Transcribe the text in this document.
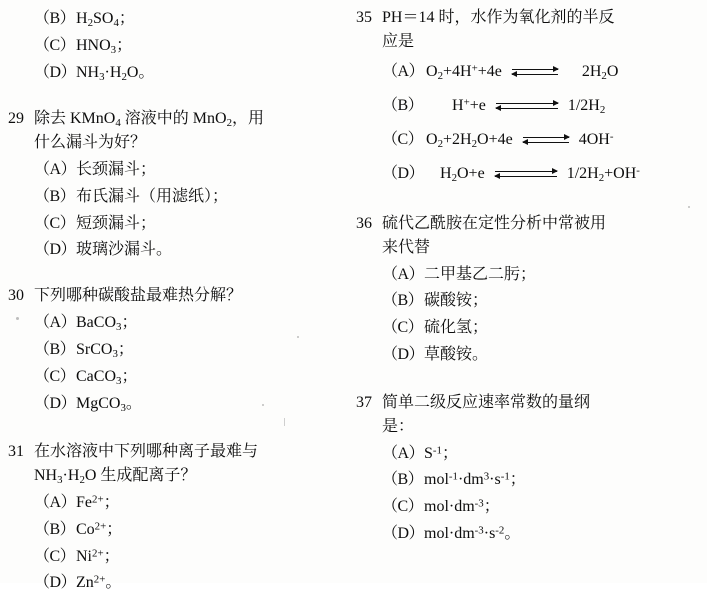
（B） $H_2SO_4$；
（C） $HNO_3$；
（D） $NH_3\cdot H_2O$。
29 除去 KMnO$_4$ 溶液中的 MnO$_2$，用
什么漏斗为好？
（A） 长颈漏斗；
（B） 布氏漏斗（用滤纸）；
（C） 短颈漏斗；
（D） 玻璃沙漏斗。
30 下列哪种碳酸盐最难热分解？
（A） BaCO$_3$；
（B） SrCO$_3$；
（C） CaCO$_3$；
（D） MgCO$_3$。
31 在水溶液中下列哪种离子最难与
$NH_3\cdot H_2O$ 生成配离子？
（A） $Fe^{2+}$；
（B） $Co^{2+}$；
（C） $Ni^{2+}$；
（D） $Zn^{2+}$。
35 PH＝14 时，水作为氧化剂的半反
应是
（A） $O_2+4H^++4e$	$2H_2O$
（B） H++e	$1/2H_2$
（C） $O_2+2H_2O+4e$	4OH-
（D） $H_2O+e$	$1/2H_2+OH^-$
36 硫代乙酰胺在定性分析中常被用
来代替
（A） 二甲基乙二肟；
（B） 碳酸铵；
（C） 硫化氢；
（D） 草酸铵。
37 简单二级反应速率常数的量纲
是：
（A） $S^{-1}$；
（B） $mol^{-1}\cdot dm^3\cdot s^{-1}$；
（C） $mol\cdot dm^{-3}$；
（D） $mol\cdot dm^{-3}\cdot s^{-2}$。
